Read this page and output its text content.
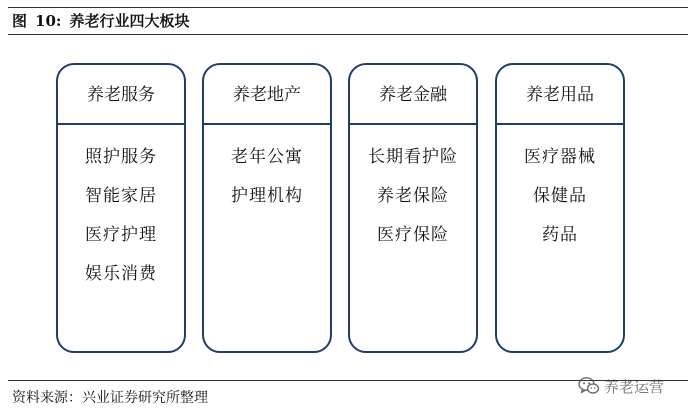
图 10: 养老行业四大板块
养老服务
照护服务
智能家居
医疗护理
娱乐消费
养老地产
老年公寓
护理机构
养老金融
长期看护险
养老保险
医疗保险
养老用品
医疗器械
保健品
药品
资料来源：兴业证券研究所整理
养老运营
